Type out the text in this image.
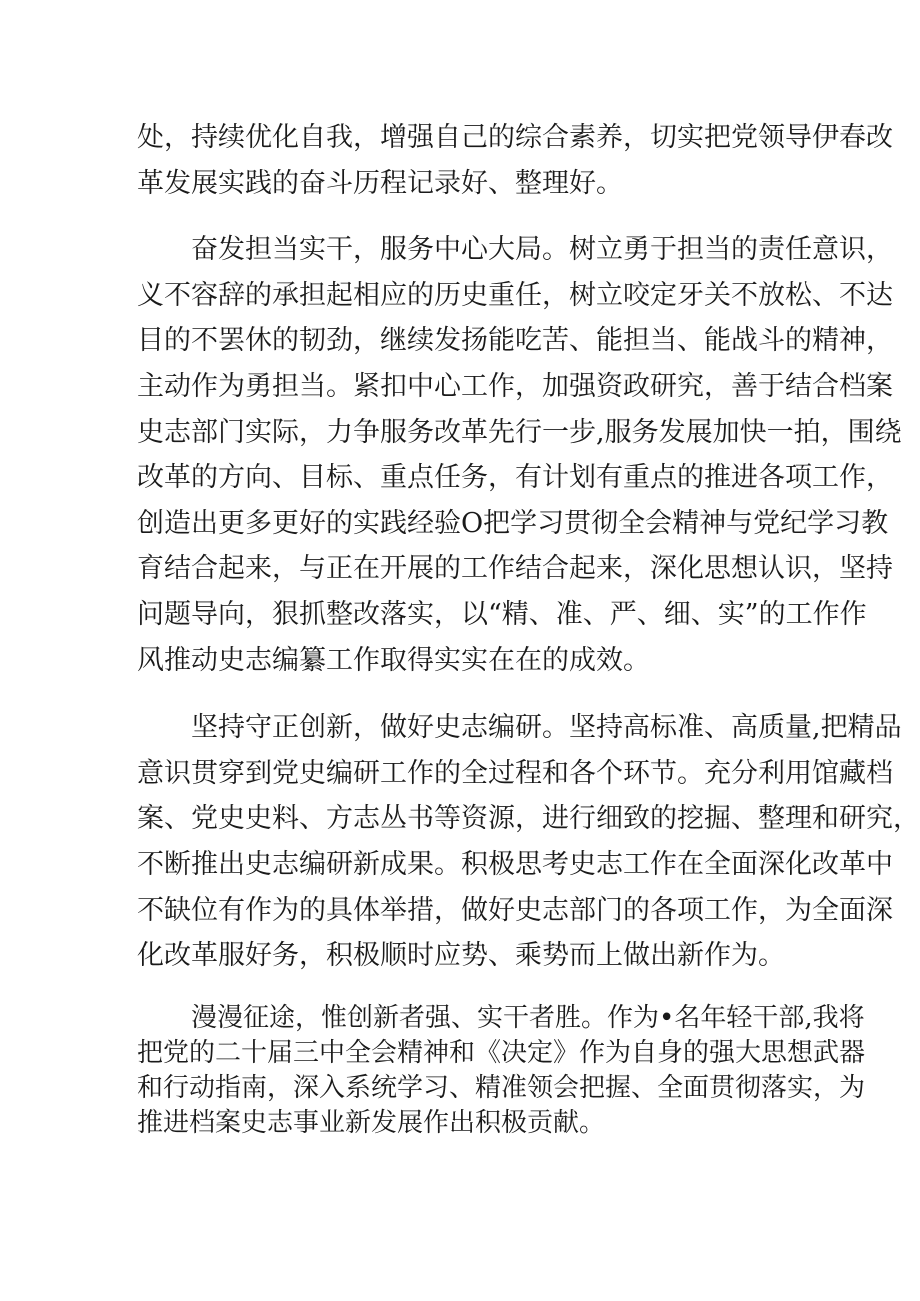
处，持续优化自我，增强自己的综合素养，切实把党领导伊春改
革发展实践的奋斗历程记录好、整理好。

奋发担当实干，服务中心大局。树立勇于担当的责任意识，
义不容辞的承担起相应的历史重任，树立咬定牙关不放松、不达
目的不罢休的韧劲，继续发扬能吃苦、能担当、能战斗的精神，
主动作为勇担当。紧扣中心工作，加强资政研究，善于结合档案
史志部门实际，力争服务改革先行一步,服务发展加快一拍，围绕
改革的方向、目标、重点任务，有计划有重点的推进各项工作，
创造出更多更好的实践经验O把学习贯彻全会精神与党纪学习教
育结合起来，与正在开展的工作结合起来，深化思想认识，坚持
问题导向，狠抓整改落实，以“精、准、严、细、实”的工作作
风推动史志编纂工作取得实实在在的成效。

坚持守正创新，做好史志编研。坚持高标准、高质量,把精品
意识贯穿到党史编研工作的全过程和各个环节。充分利用馆藏档
案、党史史料、方志丛书等资源，进行细致的挖掘、整理和研究，
不断推出史志编研新成果。积极思考史志工作在全面深化改革中
不缺位有作为的具体举措，做好史志部门的各项工作，为全面深
化改革服好务，积极顺时应势、乘势而上做出新作为。

漫漫征途，惟创新者强、实干者胜。作为•名年轻干部,我将
把党的二十届三中全会精神和《决定》作为自身的强大思想武器
和行动指南，深入系统学习、精准领会把握、全面贯彻落实，为
推进档案史志事业新发展作出积极贡献。
